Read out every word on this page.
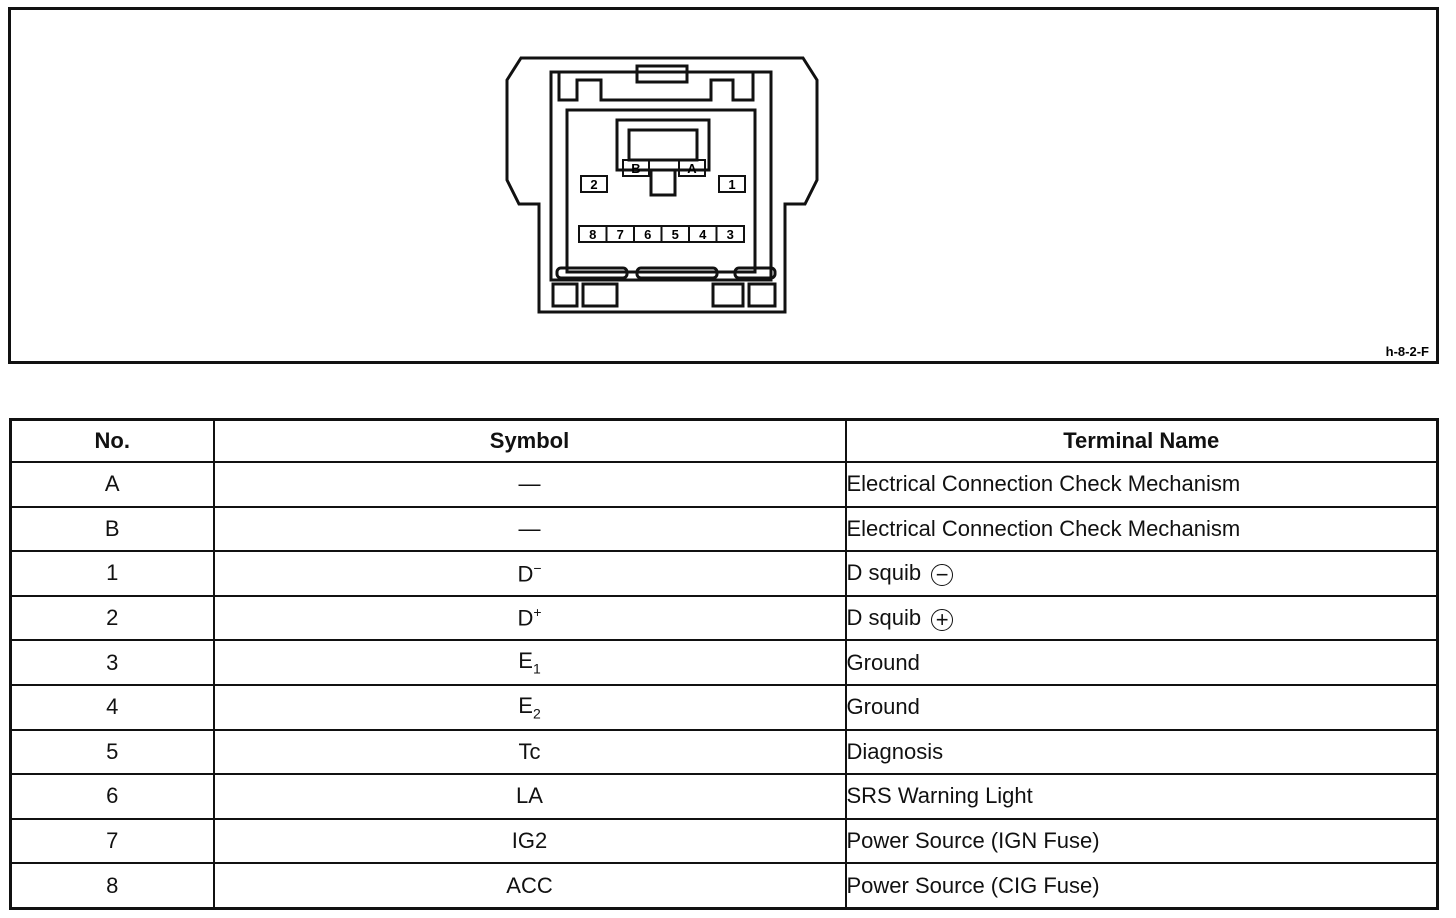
B	A
2	1
8 7 6 5 4 3
h-8-2-F
No.	Symbol	Terminal Name
A	—	Electrical Connection Check Mechanism
B	—	Electrical Connection Check Mechanism
1	D−	D squib −
2	D+	D squib +
3	$E_1$	Ground
4	$E_2$	Ground
5	Tc	Diagnosis
6	LA	SRS Warning Light
7	IG2	Power Source (IGN Fuse)
8	ACC	Power Source (CIG Fuse)
